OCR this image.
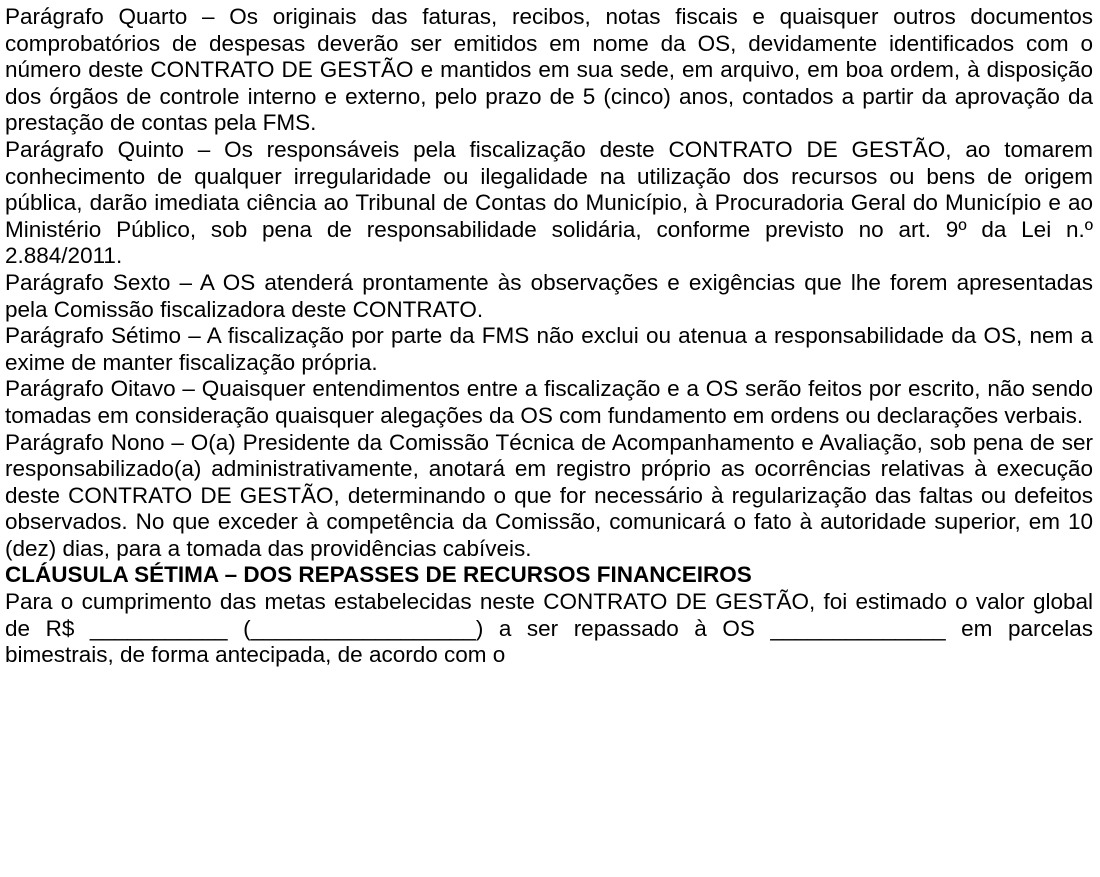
Parágrafo Quarto – Os originais das faturas, recibos, notas fiscais e quaisquer outros documentos comprobatórios de despesas deverão ser emitidos em nome da OS, devidamente identificados com o número deste CONTRATO DE GESTÃO e mantidos em sua sede, em arquivo, em boa ordem, à disposição dos órgãos de controle interno e externo, pelo prazo de 5 (cinco) anos, contados a partir da aprovação da prestação de contas pela FMS.

Parágrafo Quinto – Os responsáveis pela fiscalização deste CONTRATO DE GESTÃO, ao tomarem conhecimento de qualquer irregularidade ou ilegalidade na utilização dos recursos ou bens de origem pública, darão imediata ciência ao Tribunal de Contas do Município, à Procuradoria Geral do Município e ao Ministério Público, sob pena de responsabilidade solidária, conforme previsto no art. 9º da Lei n.º 2.884/2011.

Parágrafo Sexto – A OS atenderá prontamente às observações e exigências que lhe forem apresentadas pela Comissão fiscalizadora deste CONTRATO.

Parágrafo Sétimo – A fiscalização por parte da FMS não exclui ou atenua a responsabilidade da OS, nem a exime de manter fiscalização própria.

Parágrafo Oitavo – Quaisquer entendimentos entre a fiscalização e a OS serão feitos por escrito, não sendo tomadas em consideração quaisquer alegações da OS com fundamento em ordens ou declarações verbais.

Parágrafo Nono – O(a) Presidente da Comissão Técnica de Acompanhamento e Avaliação, sob pena de ser responsabilizado(a) administrativamente, anotará em registro próprio as ocorrências relativas à execução deste CONTRATO DE GESTÃO, determinando o que for necessário à regularização das faltas ou defeitos observados. No que exceder à competência da Comissão, comunicará o fato à autoridade superior, em 10 (dez) dias, para a tomada das providências cabíveis.

CLÁUSULA SÉTIMA – DOS REPASSES DE RECURSOS FINANCEIROS

Para o cumprimento das metas estabelecidas neste CONTRATO DE GESTÃO, foi estimado o valor global de R$ ___________ (__________________) a ser repassado à OS ______________ em parcelas bimestrais, de forma antecipada, de acordo com o
